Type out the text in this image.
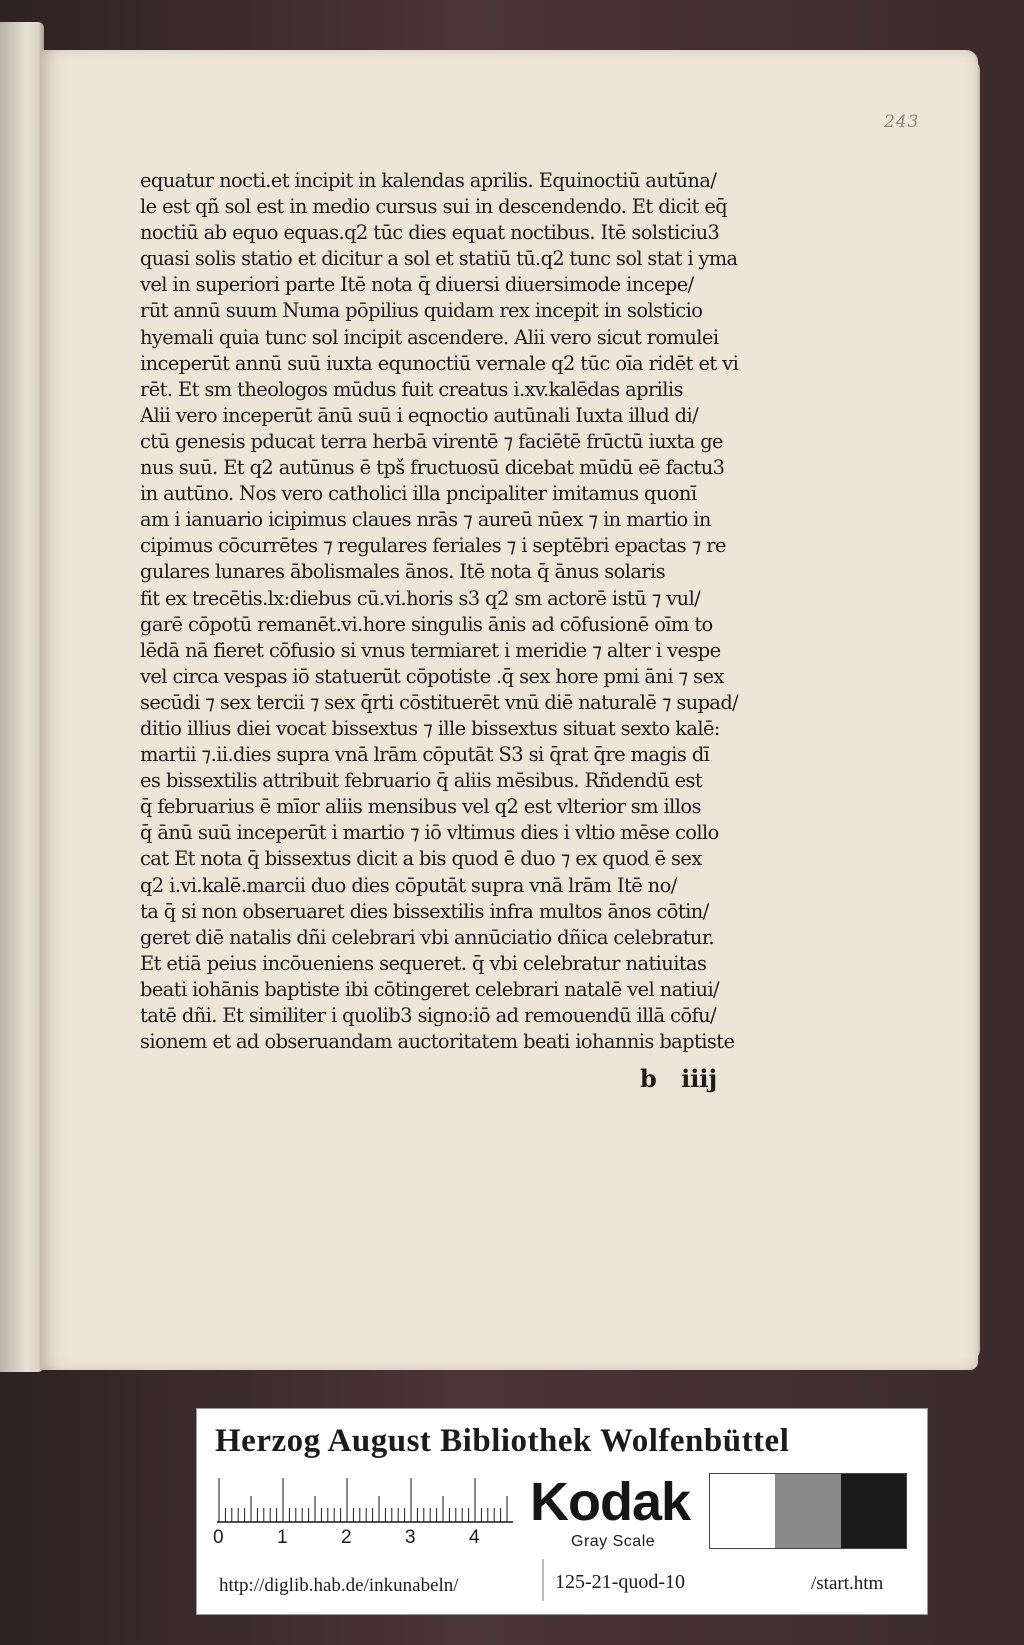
243
equatur nocti.et incipit in kalendas aprilis. Equinoctiū autūna/
le est qñ sol est in medio cursus sui in descendendo. Et dicit eq̄
noctiū ab equo equas.q2 tūc dies equat noctibus. Itē solsticiu3
quasi solis statio et dicitur a sol et statiū tū.q2 tunc sol stat i yma
vel in superiori parte Itē nota q̄ diuersi diuersimode incepe/
rūt annū suum Numa pōpilius quidam rex incepit in solsticio
hyemali quia tunc sol incipit ascendere. Alii vero sicut romulei
inceperūt annū suū iuxta equnoctiū vernale q2 tūc oīa ridēt et vi
rēt. Et sm theologos mūdus fuit creatus i.xv.kalēdas aprilis
Alii vero inceperūt ānū suū i eqnoctio autūnali Iuxta illud di/
ctū genesis pducat terra herbā virentē ⁊ faciētē frūctū iuxta ge
nus suū. Et q2 autūnus ē tpš fructuosū dicebat mūdū eē factu3
in autūno. Nos vero catholici illa pncipaliter imitamus quonī
am i ianuario icipimus claues nrās ⁊ aureū nūex ⁊ in martio in
cipimus cōcurrētes ⁊ regulares feriales ⁊ i septēbri epactas ⁊ re
gulares lunares ābolismales ānos. Itē nota q̄ ānus solaris
fit ex trecētis.lx:diebus cū.vi.horis s3 q2 sm actorē istū ⁊ vul/
garē cōpotū remanēt.vi.hore singulis ānis ad cōfusionē oīm to
lēdā nā fieret cōfusio si vnus termiaret i meridie ⁊ alter i vespe
vel circa vespas iō statuerūt cōpotiste .q̄ sex hore pmi āni ⁊ sex
secūdi ⁊ sex tercii ⁊ sex q̄rti cōstituerēt vnū diē naturalē ⁊ supad/
ditio illius diei vocat bissextus ⁊ ille bissextus situat sexto kalē:
martii ⁊.ii.dies supra vnā lrām cōputāt S3 si q̄rat q̄re magis dī
es bissextilis attribuit februario q̄ aliis mēsibus. Rñdendū est
q̄ februarius ē mīor aliis mensibus vel q2 est vlterior sm illos
q̄ ānū suū inceperūt i martio ⁊ iō vltimus dies i vltio mēse collo
cat Et nota q̄ bissextus dicit a bis quod ē duo ⁊ ex quod ē sex
q2 i.vi.kalē.marcii duo dies cōputāt supra vnā lrām Itē no/
ta q̄ si non obseruaret dies bissextilis infra multos ānos cōtin/
geret diē natalis dñi celebrari vbi annūciatio dñica celebratur.
Et etiā peius incōueniens sequeret. q̄ vbi celebratur natiuitas
beati iohānis baptiste ibi cōtingeret celebrari natalē vel natiui/
tatē dñi. Et similiter i quolib3 signo:iō ad remouendū illā cōfu/
sionem et ad obseruandam auctoritatem beati iohannis baptiste
b iiij
Herzog August Bibliothek Wolfenbüttel
0	1	2	3	4
Kodak
Gray Scale
http://diglib.hab.de/inkunabeln/	125-21-quod-10	/start.htm
